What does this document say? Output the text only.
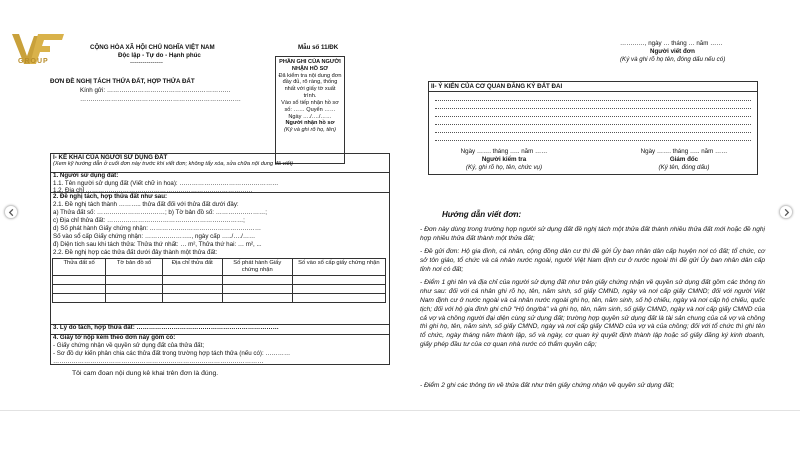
GROUP
CỘNG HÒA XÃ HỘI CHỦ NGHĨA VIỆT NAM
Độc lập - Tự do - Hạnh phúc
----------------
Mẫu số 11/ĐK
PHẦN GHI CỦA NGƯỜI NHẬN HỒ SƠ
Đã kiểm tra nội dung đơn đầy đủ, rõ ràng, thống nhất với giấy tờ xuất trình.
Vào sổ tiếp nhận hồ sơ số: …… Quyển ……
Ngày …./…./……
Người nhận hồ sơ
(Ký và ghi rõ họ, tên)
ĐƠN ĐỀ NGHỊ TÁCH THỬA ĐẤT, HỢP THỬA ĐẤT
Kính gửi: ……………………………………………………
……………………………………………………………………
I- KÊ KHAI CỦA NGƯỜI SỬ DỤNG ĐẤT
(Xem kỹ hướng dẫn ở cuối đơn này trước khi viết đơn; không tẩy xóa, sửa chữa nội dung đã viết)
1. Người sử dụng đất:
1.1. Tên người sử dụng đất (Viết chữ in hoa): …………………………………………
1.2. Địa chỉ ………………………………………………………………………
2. Đề nghị tách, hợp thửa đất như sau:
2.1. Đề nghị tách thành ……….. thửa đất đối với thửa đất dưới đây:
a) Thửa đất số: ……………………………; b) Tờ bản đồ số: ……………………;
c) Địa chỉ thửa đất: …………………………………………………………;
d) Số phát hành Giấy chứng nhận: ………………………………………………
Số vào sổ cấp Giấy chứng nhận: ………………….., ngày cấp …../…./……
đ) Diện tích sau khi tách thửa: Thửa thứ nhất: … m², Thửa thứ hai: … m², ...
2.2. Đề nghị hợp các thửa đất dưới đây thành một thửa đất:
Thửa đất số	Tờ bản đồ số	Địa chỉ thửa đất	Số phát hành Giấy chứng nhận	Số vào sổ cấp giấy chứng nhận

3. Lý do tách, hợp thửa đất: ……………………………………………………………
4. Giấy tờ nộp kèm theo đơn này gồm có:
- Giấy chứng nhận về quyền sử dụng đất của thửa đất;
- Sơ đồ dự kiến phân chia các thửa đất trong trường hợp tách thửa (nếu có): …………
…………………………………………………………………………………………
Tôi cam đoan nội dung kê khai trên đơn là đúng.
…………, ngày … tháng … năm ……
Người viết đơn
(Ký và ghi rõ họ tên, đóng dấu nếu có)
II- Ý KIẾN CỦA CƠ QUAN ĐĂNG KÝ ĐẤT ĐAI
Ngày ……. tháng ….. năm ……
Người kiểm tra
(Ký, ghi rõ họ, tên, chức vụ)
Ngày ……. tháng ….. năm ……
Giám đốc
(Ký tên, đóng dấu)
Hướng dẫn viết đơn:
- Đơn này dùng trong trường hợp người sử dụng đất đề nghị tách một thửa đất thành nhiều thửa đất mới hoặc đề nghị hợp nhiều thửa đất thành một thửa đất;
- Đề gửi đơn: Hộ gia đình, cá nhân, cộng đồng dân cư thì đề gửi Ủy ban nhân dân cấp huyện nơi có đất; tổ chức, cơ sở tôn giáo, tổ chức và cá nhân nước ngoài, người Việt Nam định cư ở nước ngoài thì đề gửi Ủy ban nhân dân cấp tỉnh nơi có đất;
- Điểm 1 ghi tên và địa chỉ của người sử dụng đất như trên giấy chứng nhận về quyền sử dụng đất gồm các thông tin như sau: đối với cá nhân ghi rõ họ, tên, năm sinh, số giấy CMND, ngày và nơi cấp giấy CMND; đối với người Việt Nam định cư ở nước ngoài và cá nhân nước ngoài ghi họ, tên, năm sinh, số hộ chiếu, ngày và nơi cấp hộ chiếu, quốc tịch; đối với hộ gia đình ghi chữ "Hộ ông/bà" và ghi họ, tên, năm sinh, số giấy CMND, ngày và nơi cấp giấy CMND của cả vợ và chồng người đại diện cùng sử dụng đất; trường hợp quyền sử dụng đất là tài sản chung của cả vợ và chồng thì ghi họ, tên, năm sinh, số giấy CMND, ngày và nơi cấp giấy CMND của vợ và của chồng; đối với tổ chức thì ghi tên tổ chức, ngày tháng năm thành lập, số và ngày, cơ quan ký quyết định thành lập hoặc số giấy đăng ký kinh doanh, giấy phép đầu tư của cơ quan nhà nước có thẩm quyền cấp;
- Điểm 2 ghi các thông tin về thửa đất như trên giấy chứng nhận về quyền sử dụng đất;
